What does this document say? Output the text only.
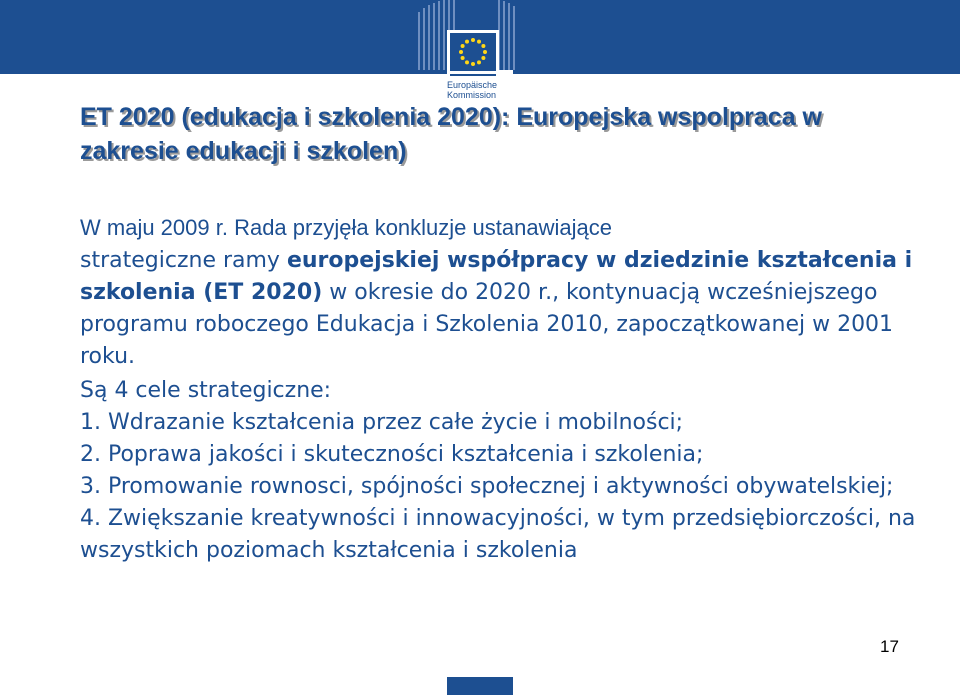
Europäische
Kommission
ET 2020 (edukacja i szkolenia 2020): Europejska wspolpraca w zakresie edukacji i szkolen)

W maju 2009 r. Rada przyjęła konkluzje ustanawiające
strategiczne ramy europejskiej współpracy w dziedzinie kształcenia i szkolenia (ET 2020) w okresie do 2020 r., kontynuacją wcześniejszego programu roboczego Edukacja i Szkolenia 2010, zapoczątkowanej w 2001 roku.

Są 4 cele strategiczne:

1. Wdrazanie kształcenia przez całe życie i mobilności;

2. Poprawa jakości i skuteczności kształcenia i szkolenia;

3. Promowanie rownosci, spójności społecznej i aktywności obywatelskiej;

4. Zwiększanie kreatywności i innowacyjności, w tym przedsiębiorczości, na wszystkich poziomach kształcenia i szkolenia

17
